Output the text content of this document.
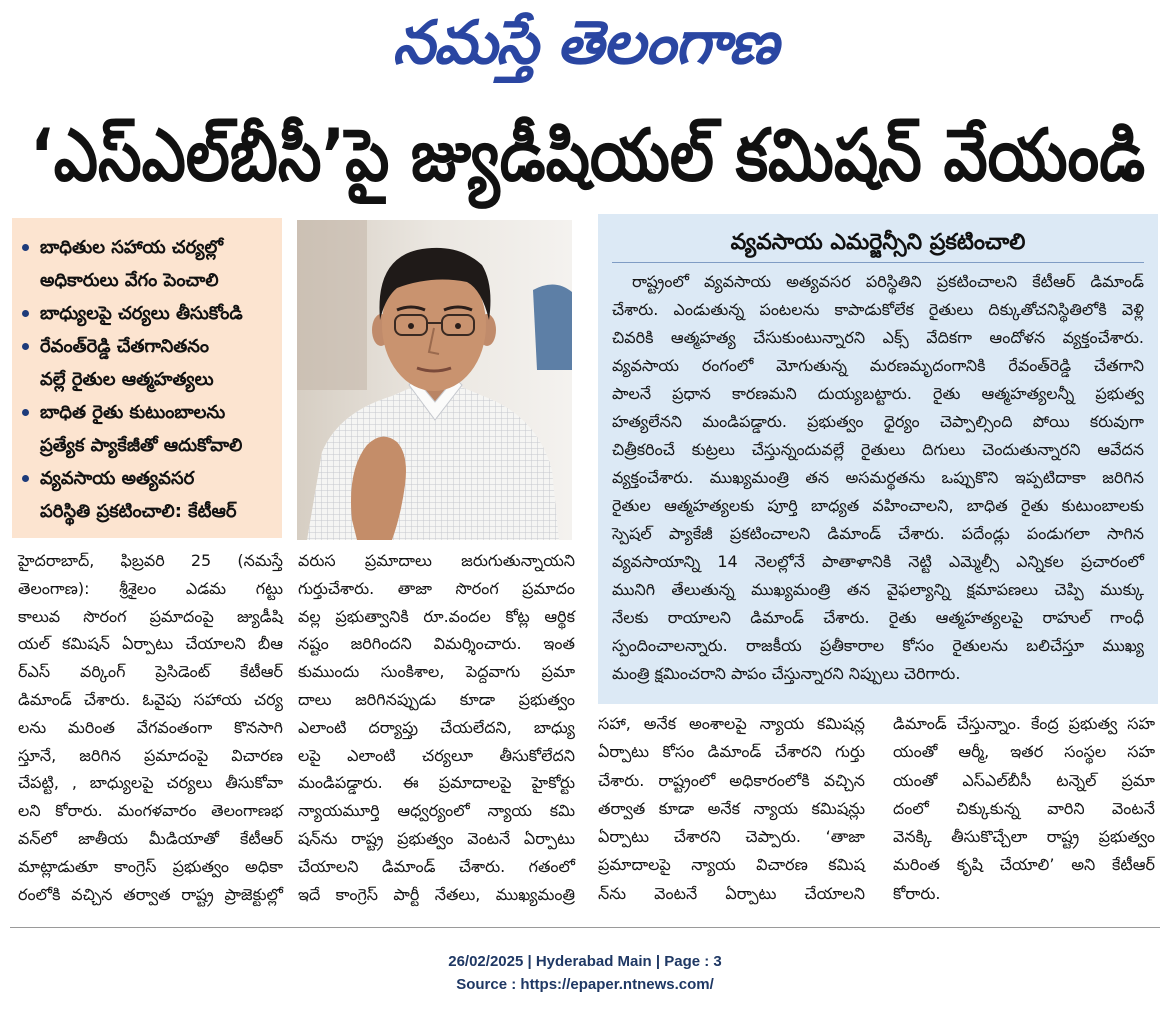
నమస్తే తెలంగాణ
‘ఎస్‌ఎల్‌బీసీ’పై జ్యుడీషియల్ కమిషన్ వేయండి
బాధితుల సహాయ చర్యల్లో
అధికారులు వేగం పెంచాలి
బాధ్యులపై చర్యలు తీసుకోండి
రేవంత్‌రెడ్డి చేతగానితనం
వల్లే రైతుల ఆత్మహత్యలు
బాధిత రైతు కుటుంబాలను
ప్రత్యేక ప్యాకేజీతో ఆదుకోవాలి
వ్యవసాయ అత్యవసర
పరిస్థితి ప్రకటించాలి: కేటీఆర్
వ్యవసాయ ఎమర్జెన్సీని ప్రకటించాలి
రాష్ట్రంలో వ్యవసాయ అత్యవసర పరిస్థితిని ప్రకటించాలని కేటీఆర్ డిమాండ్
చేశారు. ఎండుతున్న పంటలను కాపాడుకోలేక రైతులు దిక్కుతోచనిస్థితిలోకి వెళ్లి
చివరికి ఆత్మహత్య చేసుకుంటున్నారని ఎక్స్ వేదికగా ఆందోళన వ్యక్తంచేశారు.
వ్యవసాయ రంగంలో మోగుతున్న మరణమృదంగానికి రేవంత్‌రెడ్డి చేతగాని
పాలనే ప్రధాన కారణమని దుయ్యబట్టారు. రైతు ఆత్మహత్యలన్నీ ప్రభుత్వ
హత్యలేనని మండిపడ్డారు. ప్రభుత్వం ధైర్యం చెప్పాల్సింది పోయి కరువుగా
చిత్రీకరించే కుట్రలు చేస్తున్నందువల్లే రైతులు దిగులు చెందుతున్నారని ఆవేదన
వ్యక్తంచేశారు. ముఖ్యమంత్రి తన అసమర్థతను ఒప్పుకొని ఇప్పటిదాకా జరిగిన
రైతుల ఆత్మహత్యలకు పూర్తి బాధ్యత వహించాలని, బాధిత రైతు కుటుంబాలకు
స్పెషల్ ప్యాకేజీ ప్రకటించాలని డిమాండ్ చేశారు. పదేండ్లు పండుగలా సాగిన
వ్యవసాయాన్ని 14 నెలల్లోనే పాతాళానికి నెట్టి ఎమ్మెల్సీ ఎన్నికల ప్రచారంలో
మునిగి తేలుతున్న ముఖ్యమంత్రి తన వైఫల్యాన్ని క్షమాపణలు చెప్పి ముక్కు
నేలకు రాయాలని డిమాండ్ చేశారు. రైతు ఆత్మహత్యలపై రాహుల్ గాంధీ
స్పందించాలన్నారు. రాజకీయ ప్రతీకారాల కోసం రైతులను బలిచేస్తూ ముఖ్య
మంత్రి క్షమించరాని పాపం చేస్తున్నారని నిప్పులు చెరిగారు.
హైదరాబాద్, ఫిబ్రవరి 25 (నమస్తే
తెలంగాణ): శ్రీశైలం ఎడమ గట్టు
కాలువ సొరంగ ప్రమాదంపై జ్యుడీషి
యల్ కమిషన్ ఏర్పాటు చేయాలని బీఆ
ర్‌ఎస్ వర్కింగ్ ప్రెసిడెంట్ కేటీఆర్
డిమాండ్ చేశారు. ఓవైపు సహాయ చర్య
లను మరింత వేగవంతంగా కొనసాగి
స్తూనే, జరిగిన ప్రమాదంపై విచారణ
చేపట్టి, , బాధ్యులపై చర్యలు తీసుకోవా
లని కోరారు. మంగళవారం తెలంగాణభ
వన్‌లో జాతీయ మీడియాతో కేటీఆర్
మాట్లాడుతూ కాంగ్రెస్ ప్రభుత్వం అధికా
రంలోకి వచ్చిన తర్వాత రాష్ట్ర ప్రాజెక్టుల్లో
వరుస ప్రమాదాలు జరుగుతున్నాయని
గుర్తుచేశారు. తాజా సొరంగ ప్రమాదం
వల్ల ప్రభుత్వానికి రూ.వందల కోట్ల ఆర్థిక
నష్టం జరిగిందని విమర్శించారు. ఇంత
కుముందు సుంకిశాల, పెద్దవాగు ప్రమా
దాలు జరిగినప్పుడు కూడా ప్రభుత్వం
ఎలాంటి దర్యాప్తు చేయలేదని, బాధ్యు
లపై ఎలాంటి చర్యలూ తీసుకోలేదని
మండిపడ్డారు. ఈ ప్రమాదాలపై హైకోర్టు
న్యాయమూర్తి ఆధ్వర్యంలో న్యాయ కమి
షన్‌ను రాష్ట్ర ప్రభుత్వం వెంటనే ఏర్పాటు
చేయాలని డిమాండ్ చేశారు. గతంలో
ఇదే కాంగ్రెస్ పార్టీ నేతలు, ముఖ్యమంత్రి
సహా, అనేక అంశాలపై న్యాయ కమిషన్ల
ఏర్పాటు కోసం డిమాండ్ చేశారని గుర్తు
చేశారు. రాష్ట్రంలో అధికారంలోకి వచ్చిన
తర్వాత కూడా అనేక న్యాయ కమిషన్లు
ఏర్పాటు చేశారని చెప్పారు. ‘తాజా
ప్రమాదాలపై న్యాయ విచారణ కమిష
న్‌ను వెంటనే ఏర్పాటు చేయాలని
డిమాండ్ చేస్తున్నాం. కేంద్ర ప్రభుత్వ సహ
యంతో ఆర్మీ, ఇతర సంస్థల సహ
యంతో ఎస్‌ఎల్‌బీసీ టన్నెల్ ప్రమా
దంలో చిక్కుకున్న వారిని వెంటనే
వెనక్కి తీసుకొచ్చేలా రాష్ట్ర ప్రభుత్వం
మరింత కృషి చేయాలి’ అని కేటీఆర్
కోరారు.
26/02/2025 | Hyderabad Main | Page : 3
Source : https://epaper.ntnews.com/
